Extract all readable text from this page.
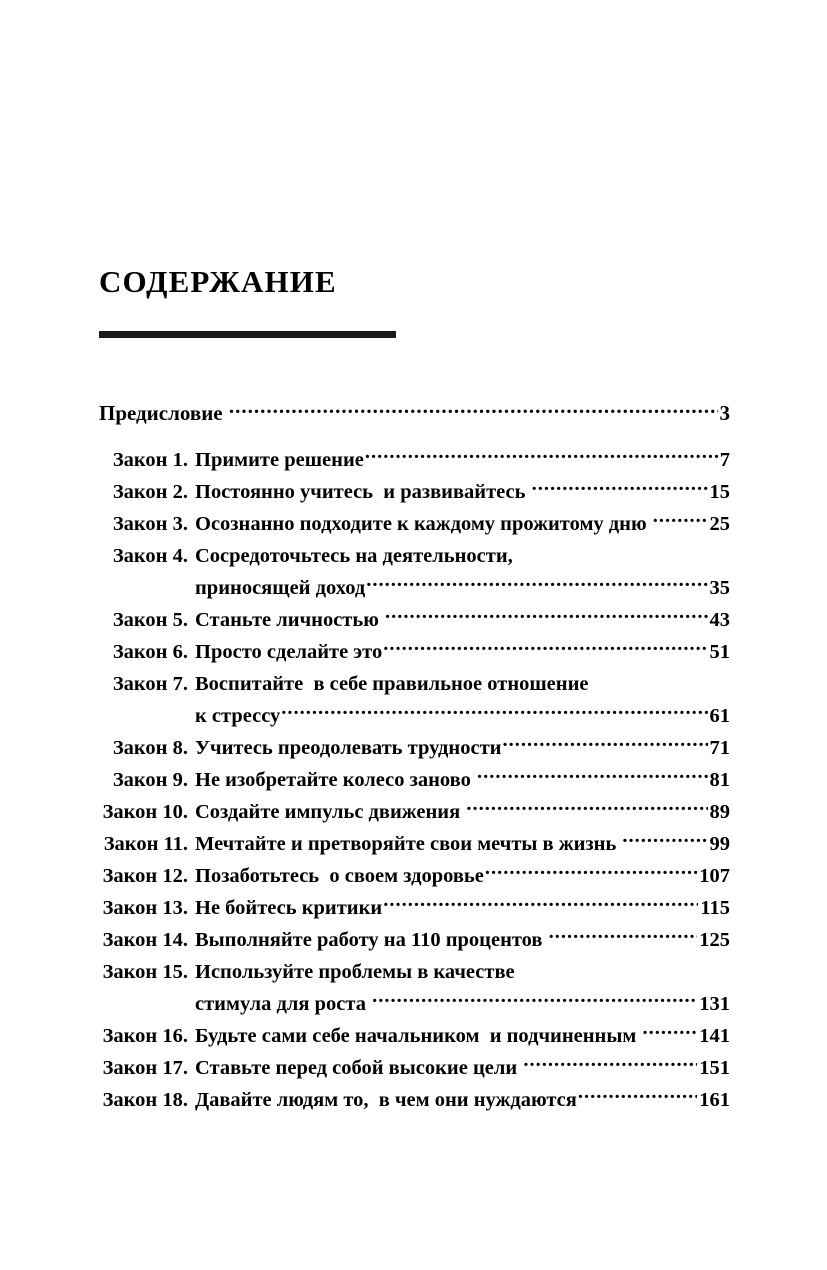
СОДЕРЖАНИЕ
Предисловие .....	3
Закон 1. Примите решение .....	7
Закон 2. Постоянно учитесь  и развивайтесь .....	15
Закон 3. Осознанно подходите к каждому прожитому дню .....	25
Закон 4. Сосредоточьтесь на деятельности,
приносящей доход .....	35
Закон 5. Станьте личностью .....	43
Закон 6. Просто сделайте это .....	51
Закон 7. Воспитайте  в себе правильное отношение
к стрессу .....	61
Закон 8. Учитесь преодолевать трудности .....	71
Закон 9. Не изобретайте колесо заново .....	81
Закон 10. Создайте импульс движения .....	89
Закон 11. Мечтайте и претворяйте свои мечты в жизнь .....	99
Закон 12. Позаботьтесь  о своем здоровье .....	107
Закон 13. Не бойтесь критики .....	115
Закон 14. Выполняйте работу на 110 процентов .....	125
Закон 15. Используйте проблемы в качестве
стимула для роста .....	131
Закон 16. Будьте сами себе начальником  и подчиненным .....	141
Закон 17. Ставьте перед собой высокие цели .....	151
Закон 18. Давайте людям то,  в чем они нуждаются .....	161
